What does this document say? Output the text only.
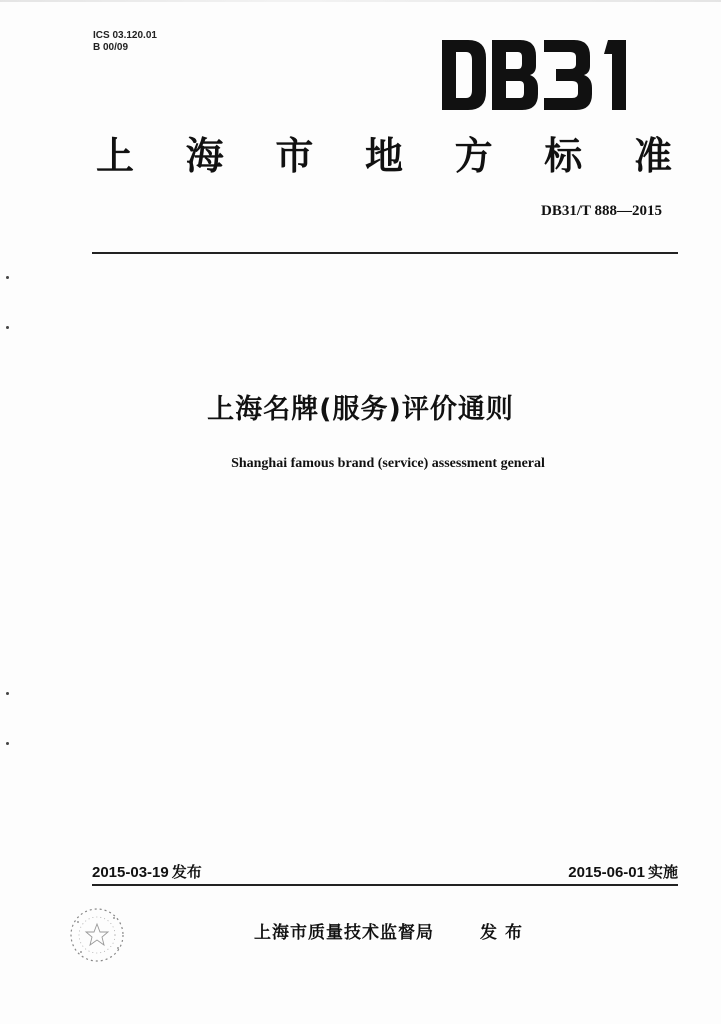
ICS 03.120.01
B 00/09
上 海 市 地 方 标 准
DB31/T 888—2015
上海名牌(服务)评价通则
Shanghai famous brand (service) assessment general
2015-03-19 发布	2015-06-01 实施
上海市质量技术监督局	发布
